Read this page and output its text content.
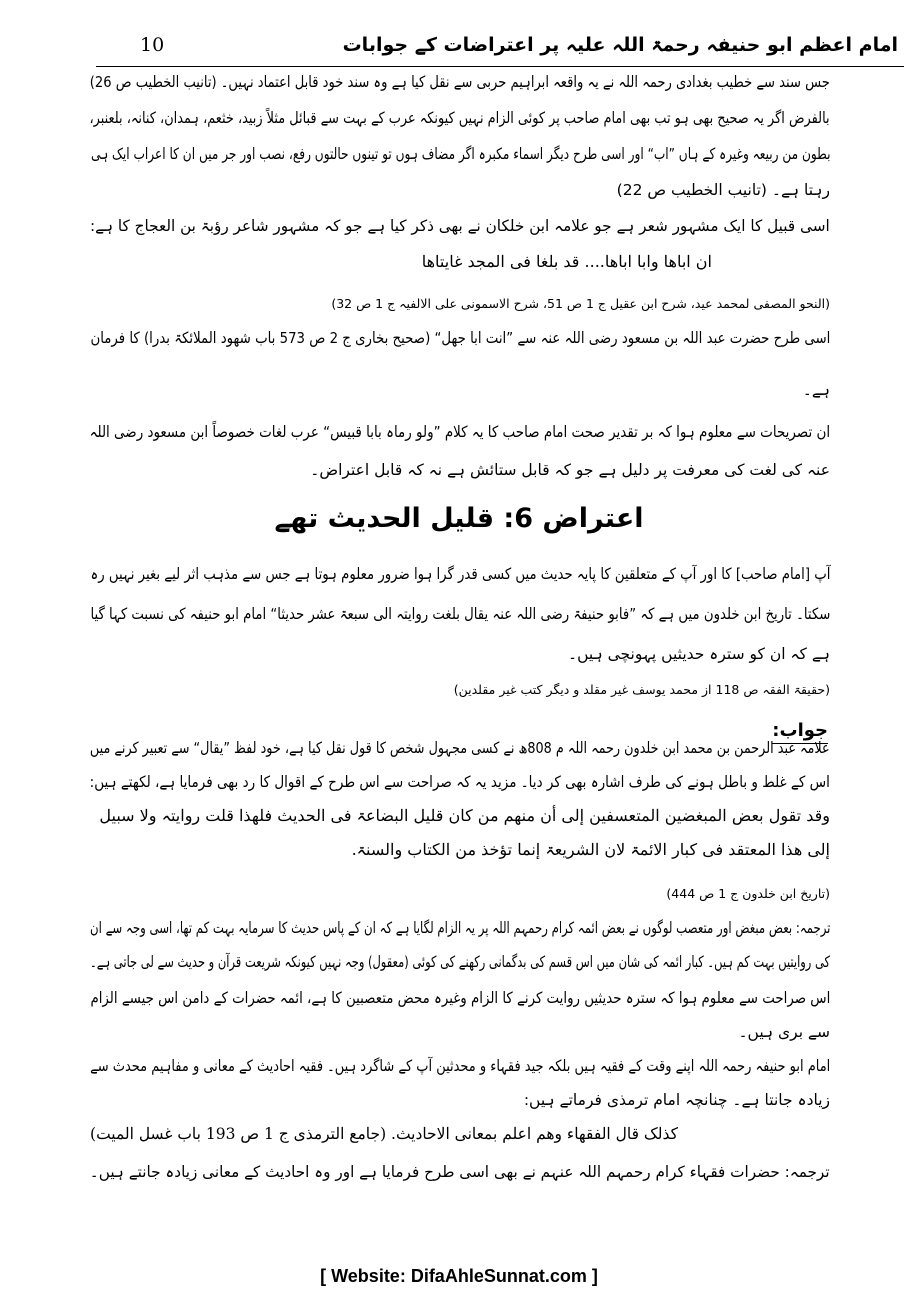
امام اعظم ابو حنیفہ رحمۃ اللہ علیہ پر اعتراضات کے جوابات
10
جس سند سے خطیب بغدادی رحمہ اللہ نے یہ واقعہ ابراہیم حربی سے نقل کیا ہے وہ سند خود قابل اعتماد نہیں۔ (تانیب الخطیب ص 26)
بالفرض اگر یہ صحیح بھی ہو تب بھی امام صاحب پر کوئی الزام نہیں کیونکہ عرب کے بہت سے قبائل مثلاً زبید، خثعم، ہمدان، کنانہ، بلعنبر،
بطون من ربیعہ وغیرہ کے ہاں ”اب“ اور اسی طرح دیگر اسماء مکبرہ اگر مضاف ہوں تو تینوں حالتوں رفع، نصب اور جر میں ان کا اعراب ایک ہی
رہتا ہے۔ (تانیب الخطیب ص 22)
اسی قبیل کا ایک مشہور شعر ہے جو علامہ ابن خلکان نے بھی ذکر کیا ہے جو کہ مشہور شاعر رؤبۃ بن العجاج کا ہے:
ان اباھا وابا اباھا.... قد بلغا فی المجد غایتاھا
(النحو المصفی لمحمد عید، شرح ابن عقیل ج 1 ص 51، شرح الاسمونی علی الالفیہ ج 1 ص 32)
اسی طرح حضرت عبد اللہ بن مسعود رضی اللہ عنہ سے ”انت ابا جھل“ (صحیح بخاری ج 2 ص 573 باب شھود الملائکۃ بدرا) کا فرمان
ہے۔
ان تصریحات سے معلوم ہوا کہ بر تقدیر صحت امام صاحب کا یہ کلام ”ولو رماہ بابا قبیس“ عرب لغات خصوصاً ابن مسعود رضی اللہ
عنہ کی لغت کی معرفت پر دلیل ہے جو کہ قابل ستائش ہے نہ کہ قابل اعتراض۔
اعتراض 6: قلیل الحدیث تھے
آپ [امام صاحب] کا اور آپ کے متعلقین کا پایہ حدیث میں کسی قدر گرا ہوا ضرور معلوم ہوتا ہے جس سے مذہب اثر لیے بغیر نہیں رہ
سکتا۔ تاریخ ابن خلدون میں ہے کہ ”فابو حنیفۃ رضی اللہ عنہ یقال بلغت روایتہ الی سبعۃ عشر حدیثا“ امام ابو حنیفہ کی نسبت کہا گیا
ہے کہ ان کو سترہ حدیثیں پہونچی ہیں۔
(حقیقۃ الفقہ ص 118 از محمد یوسف غیر مقلد و دیگر کتب غیر مقلدین)
جواب:
علامہ عبد الرحمن بن محمد ابن خلدون رحمہ اللہ م 808ھ نے کسی مجہول شخص کا قول نقل کیا ہے، خود لفظ ”یقال“ سے تعبیر کرنے میں
اس کے غلط و باطل ہونے کی طرف اشارہ بھی کر دیا۔ مزید یہ کہ صراحت سے اس طرح کے اقوال کا رد بھی فرمایا ہے، لکھتے ہیں:
وقد تقول بعض المبغضین المتعسفین إلی أن منھم من کان قلیل البضاعۃ فی الحدیث فلھذا قلت روایتہ ولا سبیل
إلی ھذا المعتقد فی کبار الائمۃ لان الشریعۃ إنما تؤخذ من الکتاب والسنۃ.
(تاریخ ابن خلدون ج 1 ص 444)
ترجمہ: بعض مبغض اور متعصب لوگوں نے بعض ائمہ کرام رحمہم اللہ پر یہ الزام لگایا ہے کہ ان کے پاس حدیث کا سرمایہ بہت کم تھا، اسی وجہ سے ان
کی روایتیں بہت کم ہیں۔ کبار ائمہ کی شان میں اس قسم کی بدگمانی رکھنے کی کوئی (معقول) وجہ نہیں کیونکہ شریعت قرآن و حدیث سے لی جاتی ہے۔
اس صراحت سے معلوم ہوا کہ سترہ حدیثیں روایت کرنے کا الزام وغیرہ محض متعصبین کا ہے، ائمہ حضرات کے دامن اس جیسے الزام
سے بری ہیں۔
امام ابو حنیفہ رحمہ اللہ اپنے وقت کے فقیہ ہیں بلکہ جید فقہاء و محدثین آپ کے شاگرد ہیں۔ فقیہ احادیث کے معانی و مفاہیم محدث سے
زیادہ جانتا ہے۔ چنانچہ امام ترمذی فرماتے ہیں:
کذلک قال الفقھاء وھم اعلم بمعانی الاحادیث. (جامع الترمذی ج 1 ص 193 باب غسل المیت)
ترجمہ: حضرات فقہاء کرام رحمہم اللہ عنہم نے بھی اسی طرح فرمایا ہے اور وہ احادیث کے معانی زیادہ جانتے ہیں۔
[ Website: DifaAhleSunnat.com ]
